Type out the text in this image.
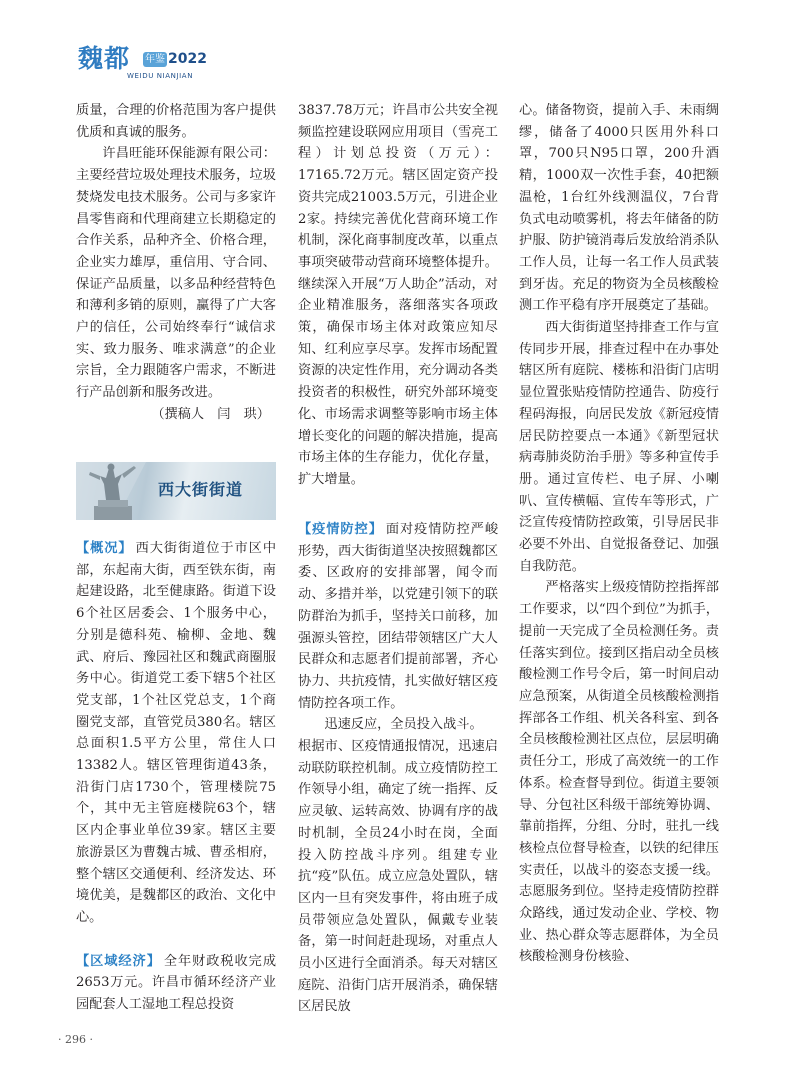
魏都 年鉴 2022
WEIDU NIANJIAN

质量，合理的价格范围为客户提供优质和真诚的服务。

许昌旺能环保能源有限公司：主要经营垃圾处理技术服务，垃圾焚烧发电技术服务。公司与多家许昌零售商和代理商建立长期稳定的合作关系，品种齐全、价格合理，企业实力雄厚，重信用、守合同、保证产品质量，以多品种经营特色和薄利多销的原则，赢得了广大客户的信任，公司始终奉行“诚信求实、致力服务、唯求满意”的企业宗旨，全力跟随客户需求，不断进行产品创新和服务改进。

（撰稿人　闫　珙）

西大街街道

【概况】 西大街街道位于市区中部，东起南大街，西至铁东街，南起建设路，北至健康路。街道下设6个社区居委会、1个服务中心，分别是德科苑、榆柳、金地、魏武、府后、豫园社区和魏武商圈服务中心。街道党工委下辖5个社区党支部，1个社区党总支，1个商圈党支部，直管党员380名。辖区总面积1.5平方公里，常住人口13382人。辖区管理街道43条，沿街门店1730个，管理楼院75个，其中无主管庭楼院63个，辖区内企事业单位39家。辖区主要旅游景区为曹魏古城、曹丞相府，整个辖区交通便利、经济发达、环境优美，是魏都区的政治、文化中心。

【区域经济】 全年财政税收完成2653万元。许昌市循环经济产业园配套人工湿地工程总投资

3837.78万元；许昌市公共安全视频监控建设联网应用项目（雪亮工程）计划总投资（万元）：17165.72万元。辖区固定资产投资共完成21003.5万元，引进企业2家。持续完善优化营商环境工作机制，深化商事制度改革，以重点事项突破带动营商环境整体提升。继续深入开展“万人助企”活动，对企业精准服务，落细落实各项政策，确保市场主体对政策应知尽知、红利应享尽享。发挥市场配置资源的决定性作用，充分调动各类投资者的积极性，研究外部环境变化、市场需求调整等影响市场主体增长变化的问题的解决措施，提高市场主体的生存能力，优化存量，扩大增量。

【疫情防控】 面对疫情防控严峻形势，西大街街道坚决按照魏都区委、区政府的安排部署，闻令而动、多措并举，以党建引领下的联防群治为抓手，坚持关口前移，加强源头管控，团结带领辖区广大人民群众和志愿者们提前部署，齐心协力、共抗疫情，扎实做好辖区疫情防控各项工作。

迅速反应，全员投入战斗。

根据市、区疫情通报情况，迅速启动联防联控机制。成立疫情防控工作领导小组，确定了统一指挥、反应灵敏、运转高效、协调有序的战时机制，全员24小时在岗，全面投入防控战斗序列。组建专业抗“疫”队伍。成立应急处置队，辖区内一旦有突发事件，将由班子成员带领应急处置队，佩戴专业装备，第一时间赶赴现场，对重点人员小区进行全面消杀。每天对辖区庭院、沿街门店开展消杀，确保辖区居民放

心。储备物资，提前入手、未雨绸缪，储备了4000只医用外科口罩，700只N95口罩，200升酒精，1000双一次性手套，40把额温枪，1台红外线测温仪，7台背负式电动喷雾机，将去年储备的防护服、防护镜消毒后发放给消杀队工作人员，让每一名工作人员武装到牙齿。充足的物资为全员核酸检测工作平稳有序开展奠定了基础。

西大街街道坚持排查工作与宣传同步开展，排查过程中在办事处辖区所有庭院、楼栋和沿街门店明显位置张贴疫情防控通告、防疫行程码海报，向居民发放《新冠疫情居民防控要点一本通》《新型冠状病毒肺炎防治手册》等多种宣传手册。通过宣传栏、电子屏、小喇叭、宣传横幅、宣传车等形式，广泛宣传疫情防控政策，引导居民非必要不外出、自觉报备登记、加强自我防范。

严格落实上级疫情防控指挥部工作要求，以“四个到位”为抓手，提前一天完成了全员检测任务。责任落实到位。接到区指启动全员核酸检测工作号令后，第一时间启动应急预案，从街道全员核酸检测指挥部各工作组、机关各科室、到各全员核酸检测社区点位，层层明确责任分工，形成了高效统一的工作体系。检查督导到位。街道主要领导、分包社区科级干部统筹协调、靠前指挥，分组、分时，驻扎一线核检点位督导检查，以铁的纪律压实责任，以战斗的姿态支援一线。志愿服务到位。坚持走疫情防控群众路线，通过发动企业、学校、物业、热心群众等志愿群体，为全员核酸检测身份核验、

· 296 ·
